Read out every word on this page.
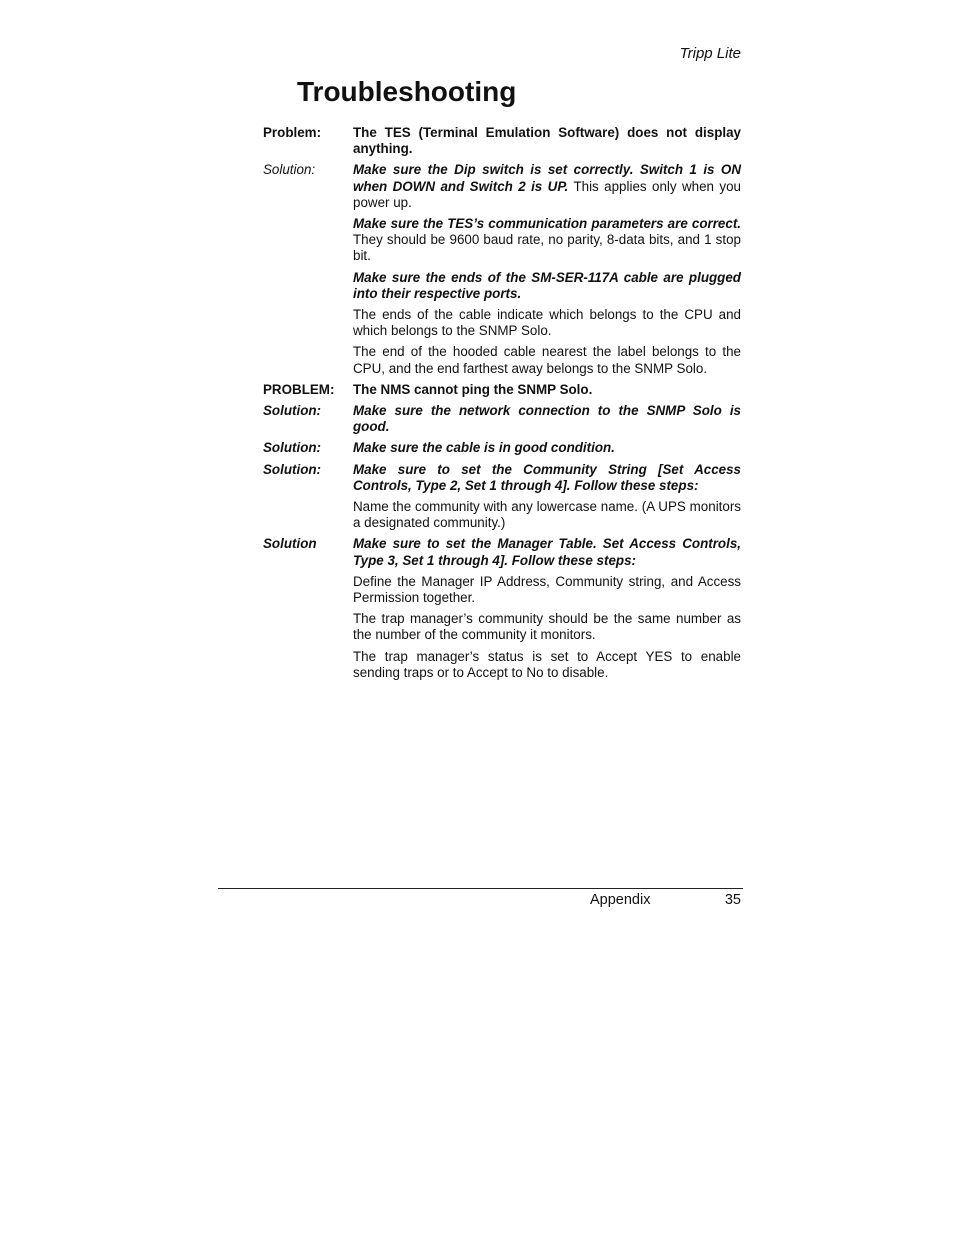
Tripp Lite
Troubleshooting
Problem:	The TES (Terminal Emulation Software) does not display anything.

Solution:	Make sure the Dip switch is set correctly. Switch 1 is ON when DOWN and Switch 2 is UP. This applies only when you power up.

Make sure the TES’s communication parameters are correct. They should be 9600 baud rate, no parity, 8-data bits, and 1 stop bit.

Make sure the ends of the SM-SER-117A cable are plugged into their respective ports.

The ends of the cable indicate which belongs to the CPU and which belongs to the SNMP Solo.

The end of the hooded cable nearest the label belongs to the CPU, and the end farthest away belongs to the SNMP Solo.

PROBLEM:	The NMS cannot ping the SNMP Solo.

Solution:	Make sure the network connection to the SNMP Solo is good.

Solution:	Make sure the cable is in good condition.

Solution:	Make sure to set the Community String [Set Access Controls, Type 2, Set 1 through 4]. Follow these steps:

Name the community with any lowercase name. (A UPS monitors a designated community.)

Solution	Make sure to set the Manager Table. Set Access Controls, Type 3, Set 1 through 4]. Follow these steps:

Define the Manager IP Address, Community string, and Access Permission together.

The trap manager’s community should be the same number as the number of the community it monitors.

The trap manager’s status is set to Accept YES to enable sending traps or to Accept to No to disable.

Appendix	35
